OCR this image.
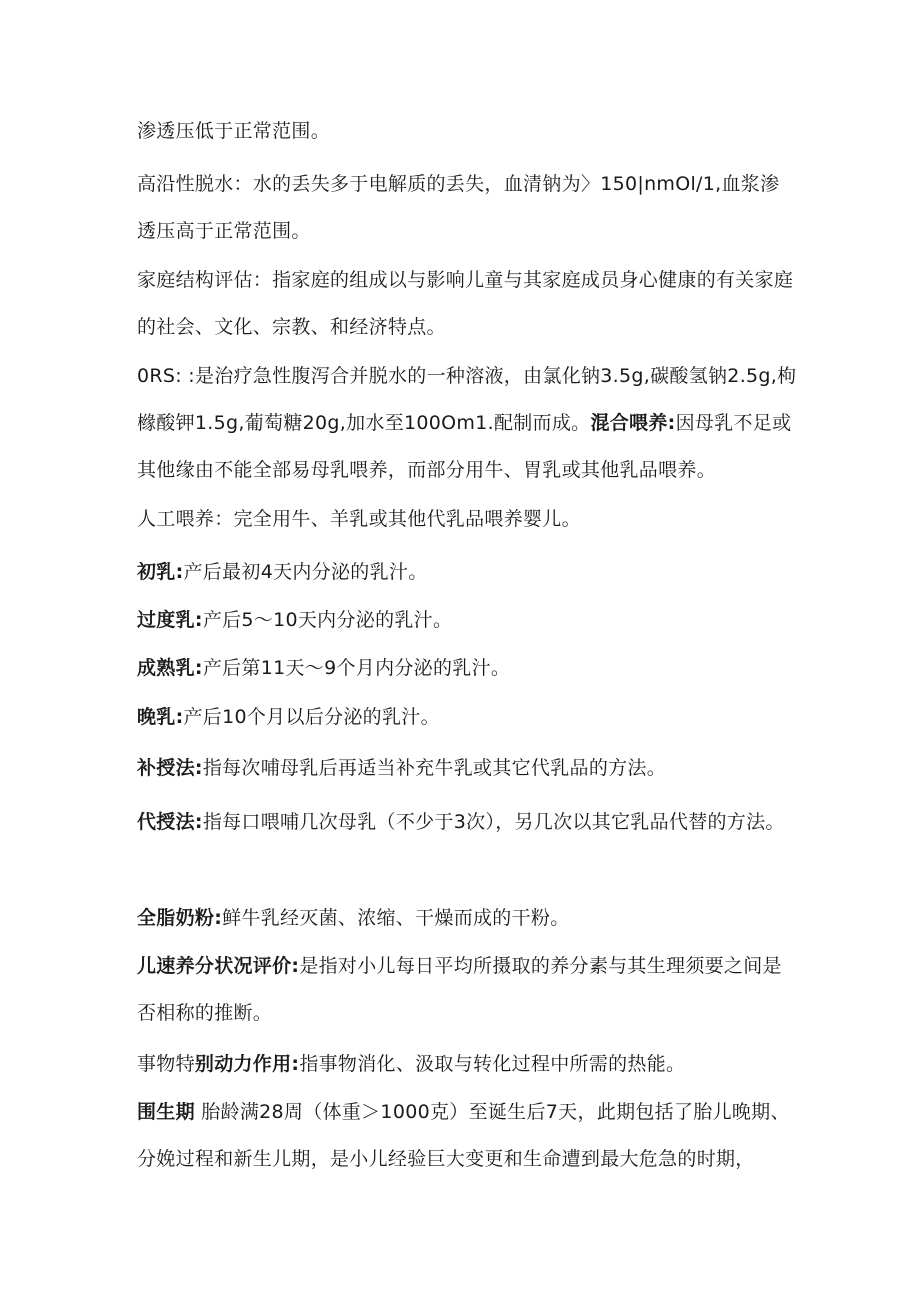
渗透压低于正常范围。

高沿性脱水：水的丢失多于电解质的丢失，血清钠为〉150|nmOl/1,血浆渗透压高于正常范围。

家庭结构评估：指家庭的组成以与影响儿童与其家庭成员身心健康的有关家庭的社会、文化、宗教、和经济特点。

0RS: :是治疗急性腹泻合并脱水的一种溶液，由氯化钠3.5g,碳酸氢钠2.5g,枸橼酸钾1.5g,葡萄糖20g,加水至100Om1.配制而成。混合喂养:因母乳不足或其他缘由不能全部易母乳喂养，而部分用牛、胃乳或其他乳品喂养。

人工喂养：完全用牛、羊乳或其他代乳品喂养婴儿。

初乳:产后最初4天内分泌的乳汁。

过度乳:产后5〜10天内分泌的乳汁。

成熟乳:产后第11天～9个月内分泌的乳汁。

晚乳:产后10个月以后分泌的乳汁。

补授法:指每次哺母乳后再适当补充牛乳或其它代乳品的方法。

代授法:指每口喂哺几次母乳（不少于3次），另几次以其它乳品代替的方法。

全脂奶粉:鲜牛乳经灭菌、浓缩、干燥而成的干粉。

儿速养分状况评价:是指对小儿每日平均所摄取的养分素与其生理须要之间是否相称的推断。

事物特别动力作用:指事物消化、汲取与转化过程中所需的热能。

围生期 胎龄满28周（体重＞1000克）至诞生后7天，此期包括了胎儿晚期、分娩过程和新生儿期，是小儿经验巨大变更和生命遭到最大危急的时期，
